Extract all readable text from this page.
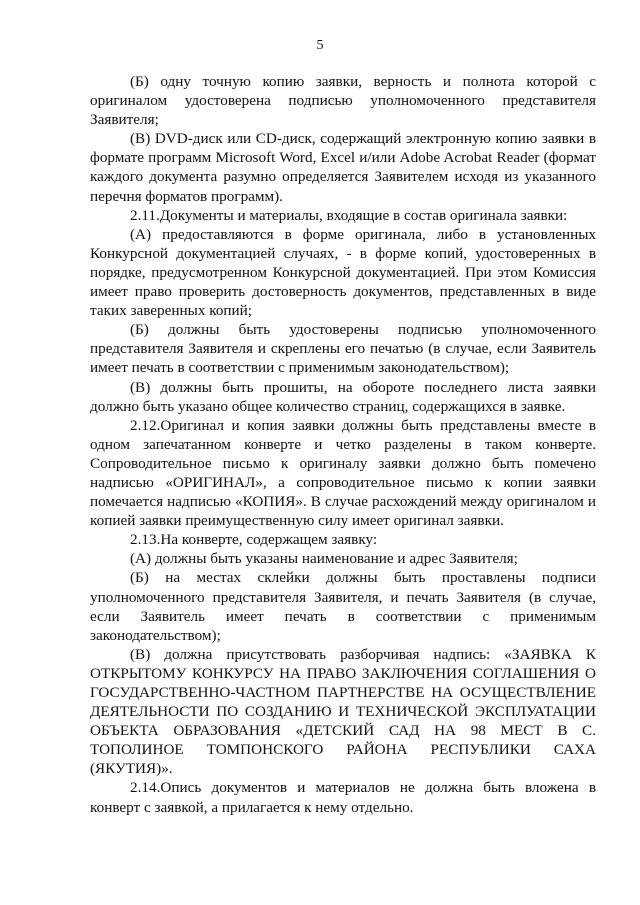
5

(Б) одну точную копию заявки, верность и полнота которой с оригиналом удостоверена подписью уполномоченного представителя Заявителя;

(В) DVD-диск или CD-диск, содержащий электронную копию заявки в формате программ Microsoft Word, Excel и/или Adobe Acrobat Reader (формат каждого документа разумно определяется Заявителем исходя из указанного перечня форматов программ).

2.11.Документы и материалы, входящие в состав оригинала заявки:

(А) предоставляются в форме оригинала, либо в установленных Конкурсной документацией случаях, - в форме копий, удостоверенных в порядке, предусмотренном Конкурсной документацией. При этом Комиссия имеет право проверить достоверность документов, представленных в виде таких заверенных копий;

(Б) должны быть удостоверены подписью уполномоченного представителя Заявителя и скреплены его печатью (в случае, если Заявитель имеет печать в соответствии с применимым законодательством);

(В) должны быть прошиты, на обороте последнего листа заявки должно быть указано общее количество страниц, содержащихся в заявке.

2.12.Оригинал и копия заявки должны быть представлены вместе в одном запечатанном конверте и четко разделены в таком конверте. Сопроводительное письмо к оригиналу заявки должно быть помечено надписью «ОРИГИНАЛ», а сопроводительное письмо к копии заявки помечается надписью «КОПИЯ». В случае расхождений между оригиналом и копией заявки преимущественную силу имеет оригинал заявки.

2.13.На конверте, содержащем заявку:

(А) должны быть указаны наименование и адрес Заявителя;

(Б) на местах склейки должны быть проставлены подписи уполномоченного представителя Заявителя, и печать Заявителя (в случае, если Заявитель имеет печать в соответствии с применимым законодательством);

(В) должна присутствовать разборчивая надпись: «ЗАЯВКА К ОТКРЫТОМУ КОНКУРСУ НА ПРАВО ЗАКЛЮЧЕНИЯ СОГЛАШЕНИЯ О ГОСУДАРСТВЕННО-ЧАСТНОМ ПАРТНЕРСТВЕ НА ОСУЩЕСТВЛЕНИЕ ДЕЯТЕЛЬНОСТИ ПО СОЗДАНИЮ И ТЕХНИЧЕСКОЙ ЭКСПЛУАТАЦИИ ОБЪЕКТА ОБРАЗОВАНИЯ «ДЕТСКИЙ САД НА 98 МЕСТ В С. ТОПОЛИНОЕ ТОМПОНСКОГО РАЙОНА РЕСПУБЛИКИ САХА (ЯКУТИЯ)».

2.14.Опись документов и материалов не должна быть вложена в конверт с заявкой, а прилагается к нему отдельно.
